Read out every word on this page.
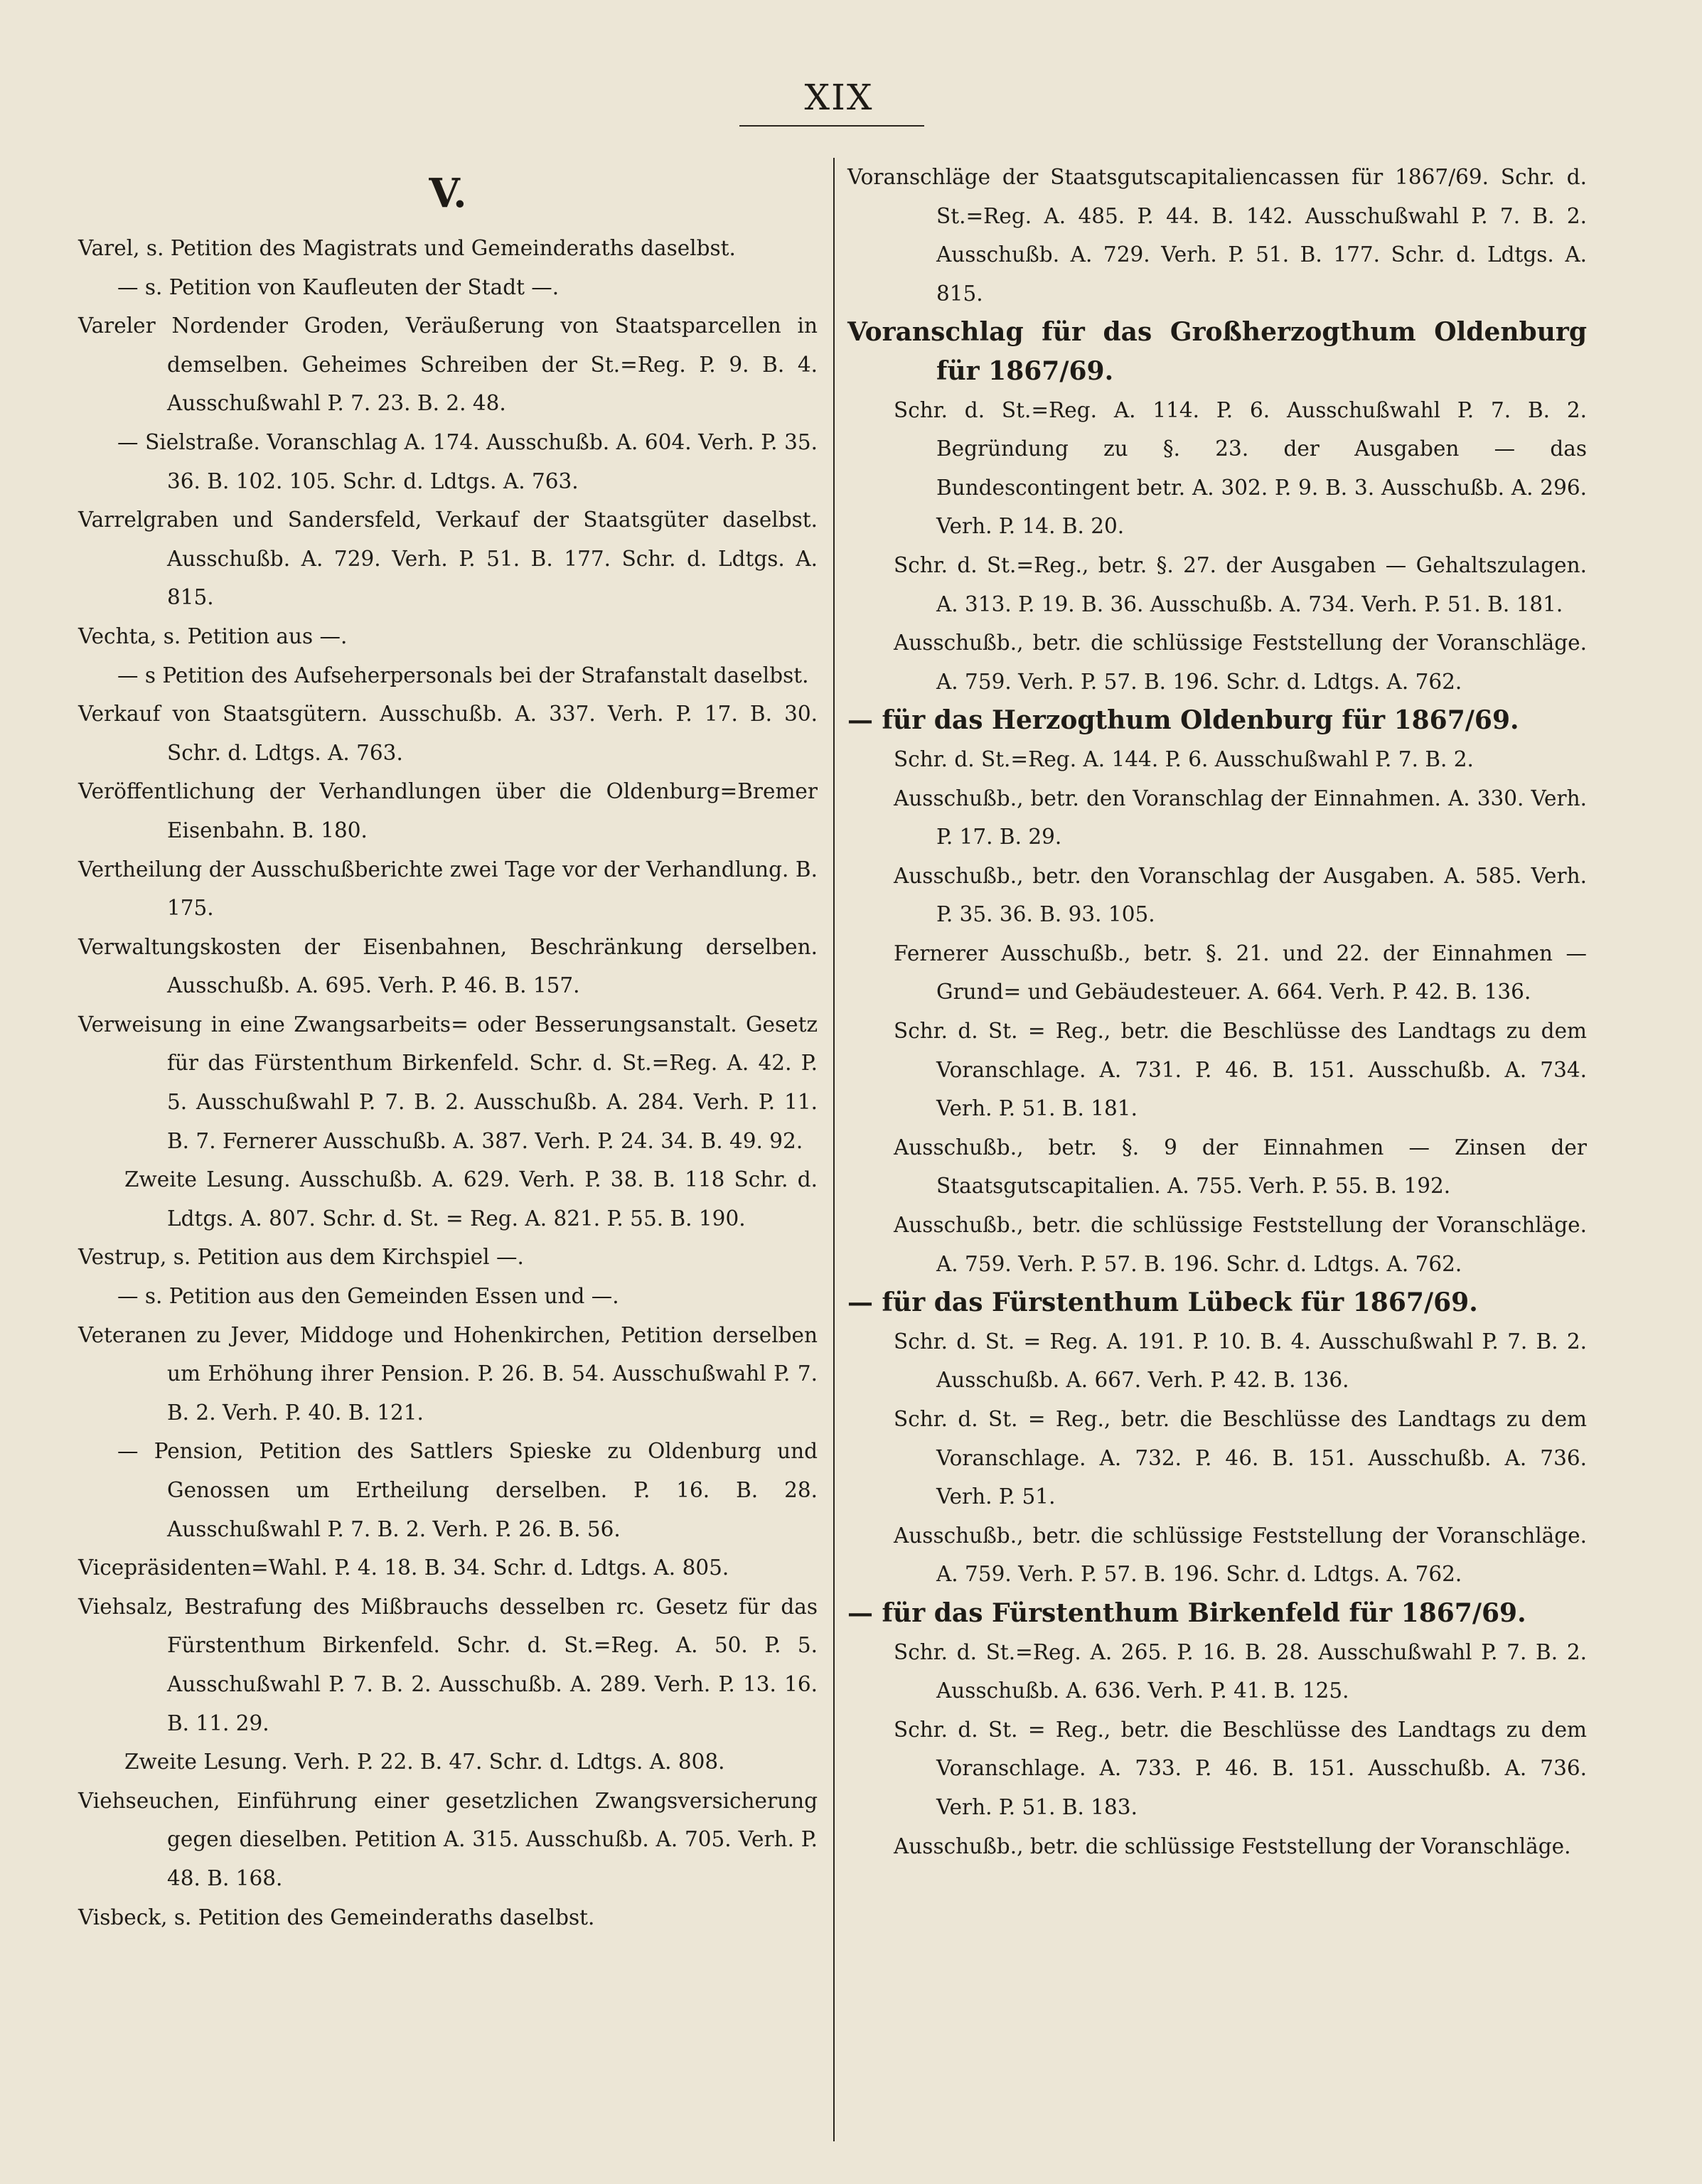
XIX
V.
Varel, s. Petition des Magistrats und Gemeinderaths daselbst.
— s. Petition von Kaufleuten der Stadt —.
Vareler Nordender Groden, Veräußerung von Staatsparcellen in demselben. Geheimes Schreiben der St.=Reg. P. 9. B. 4. Ausschußwahl P. 7. 23. B. 2. 48.
— Sielstraße. Voranschlag A. 174. Ausschußb. A. 604. Verh. P. 35. 36. B. 102. 105. Schr. d. Ldtgs. A. 763.
Varrelgraben und Sandersfeld, Verkauf der Staatsgüter daselbst. Ausschußb. A. 729. Verh. P. 51. B. 177. Schr. d. Ldtgs. A. 815.
Vechta, s. Petition aus —.
— s Petition des Aufseherpersonals bei der Strafanstalt daselbst.
Verkauf von Staatsgütern. Ausschußb. A. 337. Verh. P. 17. B. 30. Schr. d. Ldtgs. A. 763.
Veröffentlichung der Verhandlungen über die Oldenburg=Bremer Eisenbahn. B. 180.
Vertheilung der Ausschußberichte zwei Tage vor der Verhandlung. B. 175.
Verwaltungskosten der Eisenbahnen, Beschränkung derselben. Ausschußb. A. 695. Verh. P. 46. B. 157.
Verweisung in eine Zwangsarbeits= oder Besserungsanstalt. Gesetz für das Fürstenthum Birkenfeld. Schr. d. St.=Reg. A. 42. P. 5. Ausschußwahl P. 7. B. 2. Ausschußb. A. 284. Verh. P. 11. B. 7. Fernerer Ausschußb. A. 387. Verh. P. 24. 34. B. 49. 92.
Zweite Lesung. Ausschußb. A. 629. Verh. P. 38. B. 118 Schr. d. Ldtgs. A. 807. Schr. d. St. = Reg. A. 821. P. 55. B. 190.
Vestrup, s. Petition aus dem Kirchspiel —.
— s. Petition aus den Gemeinden Essen und —.
Veteranen zu Jever, Middoge und Hohenkirchen, Petition derselben um Erhöhung ihrer Pension. P. 26. B. 54. Ausschußwahl P. 7. B. 2. Verh. P. 40. B. 121.
— Pension, Petition des Sattlers Spieske zu Oldenburg und Genossen um Ertheilung derselben. P. 16. B. 28. Ausschußwahl P. 7. B. 2. Verh. P. 26. B. 56.
Vicepräsidenten=Wahl. P. 4. 18. B. 34. Schr. d. Ldtgs. A. 805.
Viehsalz, Bestrafung des Mißbrauchs desselben rc. Gesetz für das Fürstenthum Birkenfeld. Schr. d. St.=Reg. A. 50. P. 5. Ausschußwahl P. 7. B. 2. Ausschußb. A. 289. Verh. P. 13. 16. B. 11. 29.
Zweite Lesung. Verh. P. 22. B. 47. Schr. d. Ldtgs. A. 808.
Viehseuchen, Einführung einer gesetzlichen Zwangsversicherung gegen dieselben. Petition A. 315. Ausschußb. A. 705. Verh. P. 48. B. 168.
Visbeck, s. Petition des Gemeinderaths daselbst.
Voranschläge der Staatsgutscapitaliencassen für 1867/69. Schr. d. St.=Reg. A. 485. P. 44. B. 142. Ausschußwahl P. 7. B. 2. Ausschußb. A. 729. Verh. P. 51. B. 177. Schr. d. Ldtgs. A. 815.
Voranschlag für das Großherzogthum Oldenburg für 1867/69.
Schr. d. St.=Reg. A. 114. P. 6. Ausschußwahl P. 7. B. 2. Begründung zu §. 23. der Ausgaben — das Bundescontingent betr. A. 302. P. 9. B. 3. Ausschußb. A. 296. Verh. P. 14. B. 20.
Schr. d. St.=Reg., betr. §. 27. der Ausgaben — Gehaltszulagen. A. 313. P. 19. B. 36. Ausschußb. A. 734. Verh. P. 51. B. 181.
Ausschußb., betr. die schlüssige Feststellung der Voranschläge. A. 759. Verh. P. 57. B. 196. Schr. d. Ldtgs. A. 762.
— für das Herzogthum Oldenburg für 1867/69.
Schr. d. St.=Reg. A. 144. P. 6. Ausschußwahl P. 7. B. 2.
Ausschußb., betr. den Voranschlag der Einnahmen. A. 330. Verh. P. 17. B. 29.
Ausschußb., betr. den Voranschlag der Ausgaben. A. 585. Verh. P. 35. 36. B. 93. 105.
Fernerer Ausschußb., betr. §. 21. und 22. der Einnahmen — Grund= und Gebäudesteuer. A. 664. Verh. P. 42. B. 136.
Schr. d. St. = Reg., betr. die Beschlüsse des Landtags zu dem Voranschlage. A. 731. P. 46. B. 151. Ausschußb. A. 734. Verh. P. 51. B. 181.
Ausschußb., betr. §. 9 der Einnahmen — Zinsen der Staatsgutscapitalien. A. 755. Verh. P. 55. B. 192.
Ausschußb., betr. die schlüssige Feststellung der Voranschläge. A. 759. Verh. P. 57. B. 196. Schr. d. Ldtgs. A. 762.
— für das Fürstenthum Lübeck für 1867/69.
Schr. d. St. = Reg. A. 191. P. 10. B. 4. Ausschußwahl P. 7. B. 2. Ausschußb. A. 667. Verh. P. 42. B. 136.
Schr. d. St. = Reg., betr. die Beschlüsse des Landtags zu dem Voranschlage. A. 732. P. 46. B. 151. Ausschußb. A. 736. Verh. P. 51.
Ausschußb., betr. die schlüssige Feststellung der Voranschläge. A. 759. Verh. P. 57. B. 196. Schr. d. Ldtgs. A. 762.
— für das Fürstenthum Birkenfeld für 1867/69.
Schr. d. St.=Reg. A. 265. P. 16. B. 28. Ausschußwahl P. 7. B. 2. Ausschußb. A. 636. Verh. P. 41. B. 125.
Schr. d. St. = Reg., betr. die Beschlüsse des Landtags zu dem Voranschlage. A. 733. P. 46. B. 151. Ausschußb. A. 736. Verh. P. 51. B. 183.
Ausschußb., betr. die schlüssige Feststellung der Voranschläge.
